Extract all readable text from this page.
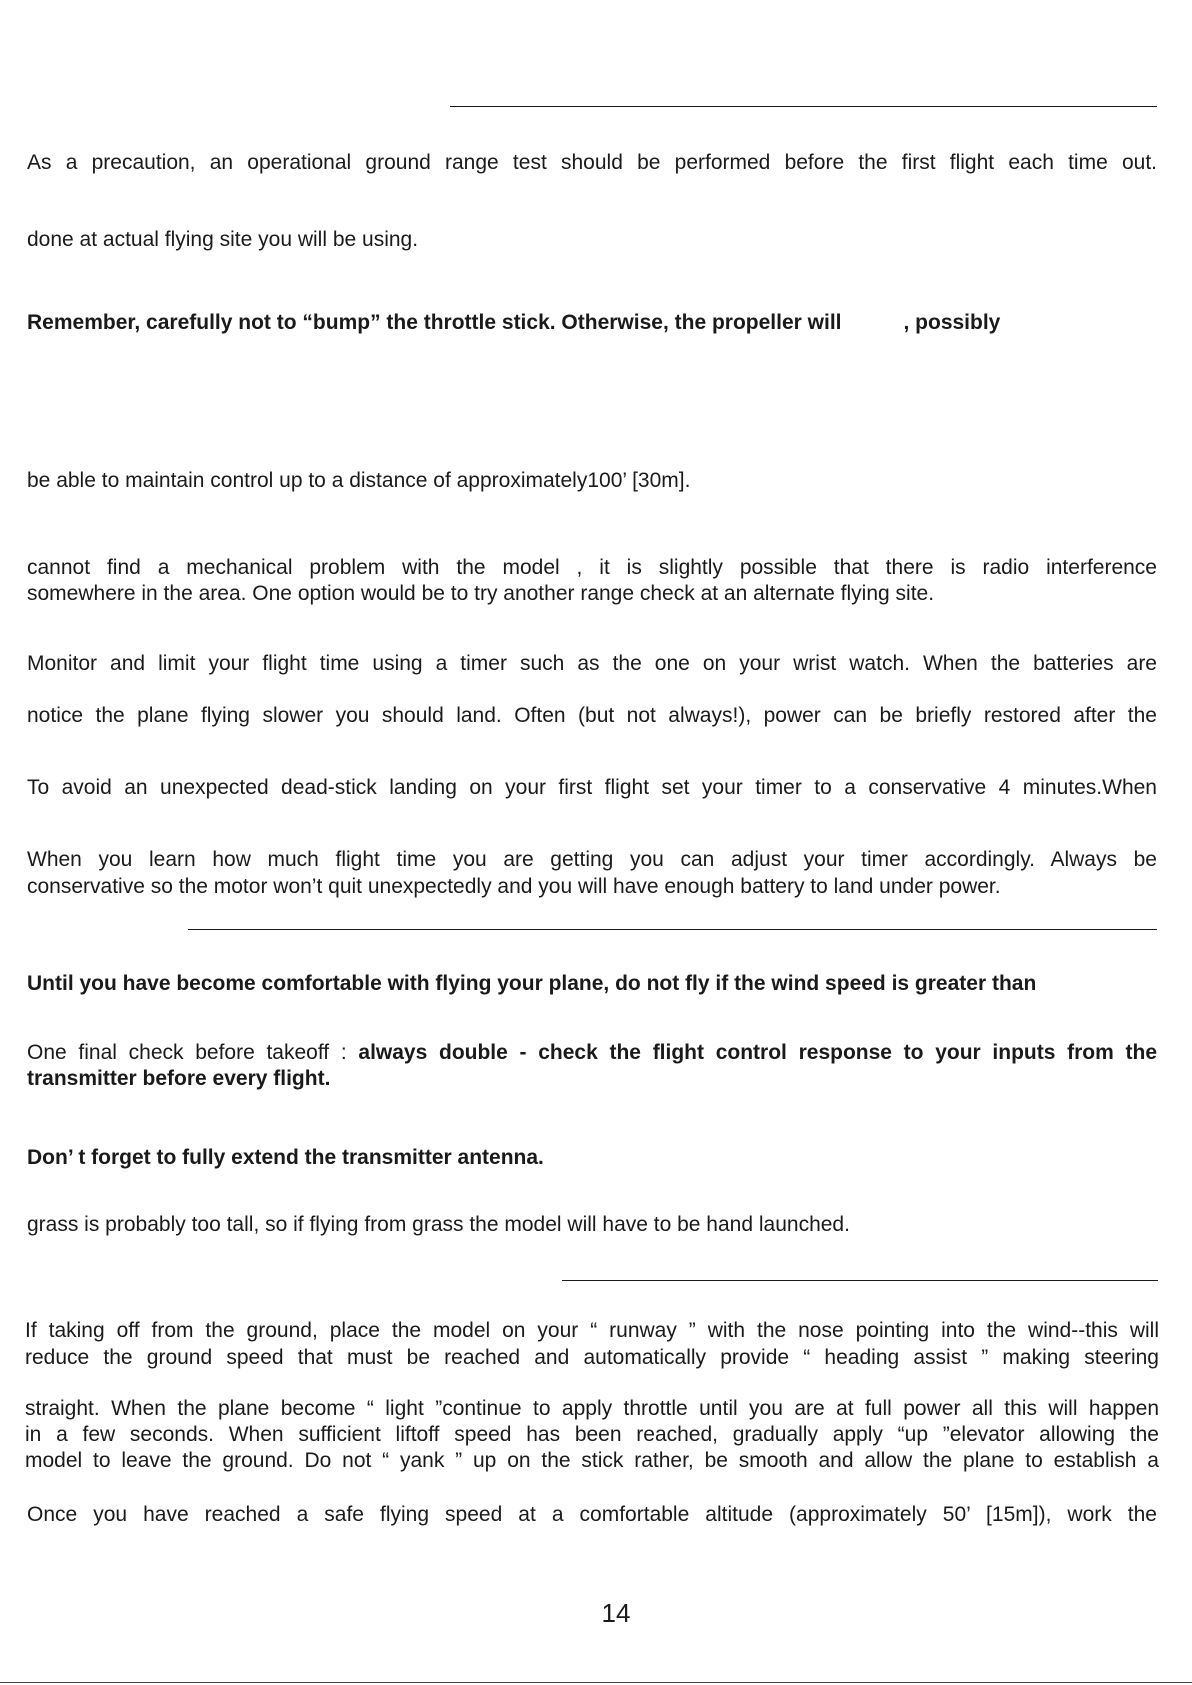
As a precaution, an operational ground range test should be performed before the first flight each time out.
done at actual flying site you will be using.
Remember, carefully not to “bump” the throttle stick. Otherwise, the propeller will	, possibly
be able to maintain control up to a distance of approximately100’ [30m].
cannot find a mechanical problem with the model , it is slightly possible that there is radio interference
somewhere in the area. One option would be to try another range check at an alternate flying site.
Monitor and limit your flight time using a timer such as the one on your wrist watch. When the batteries are
notice the plane flying slower you should land. Often (but not always!), power can be briefly restored after the
To avoid an unexpected dead-stick landing on your first flight set your timer to a conservative 4 minutes.When
When you learn how much flight time you are getting you can adjust your timer accordingly. Always be
conservative so the motor won’t quit unexpectedly and you will have enough battery to land under power.
Until you have become comfortable with flying your plane, do not fly if the wind speed is greater than
One final check before takeoff : always double - check the flight control response to your inputs from the
transmitter before every flight.
Don’ t forget to fully extend the transmitter antenna.
grass is probably too tall, so if flying from grass the model will have to be hand launched.
If taking off from the ground, place the model on your “ runway ” with the nose pointing into the wind--this will
reduce the ground speed that must be reached and automatically provide “ heading assist ” making steering
straight. When the plane become “ light ”continue to apply throttle until you are at full power all this will happen
in a few seconds. When sufficient liftoff speed has been reached, gradually apply “up ”elevator allowing the
model to leave the ground. Do not “ yank ” up on the stick rather, be smooth and allow the plane to establish a
Once you have reached a safe flying speed at a comfortable altitude (approximately 50’ [15m]), work the
14
